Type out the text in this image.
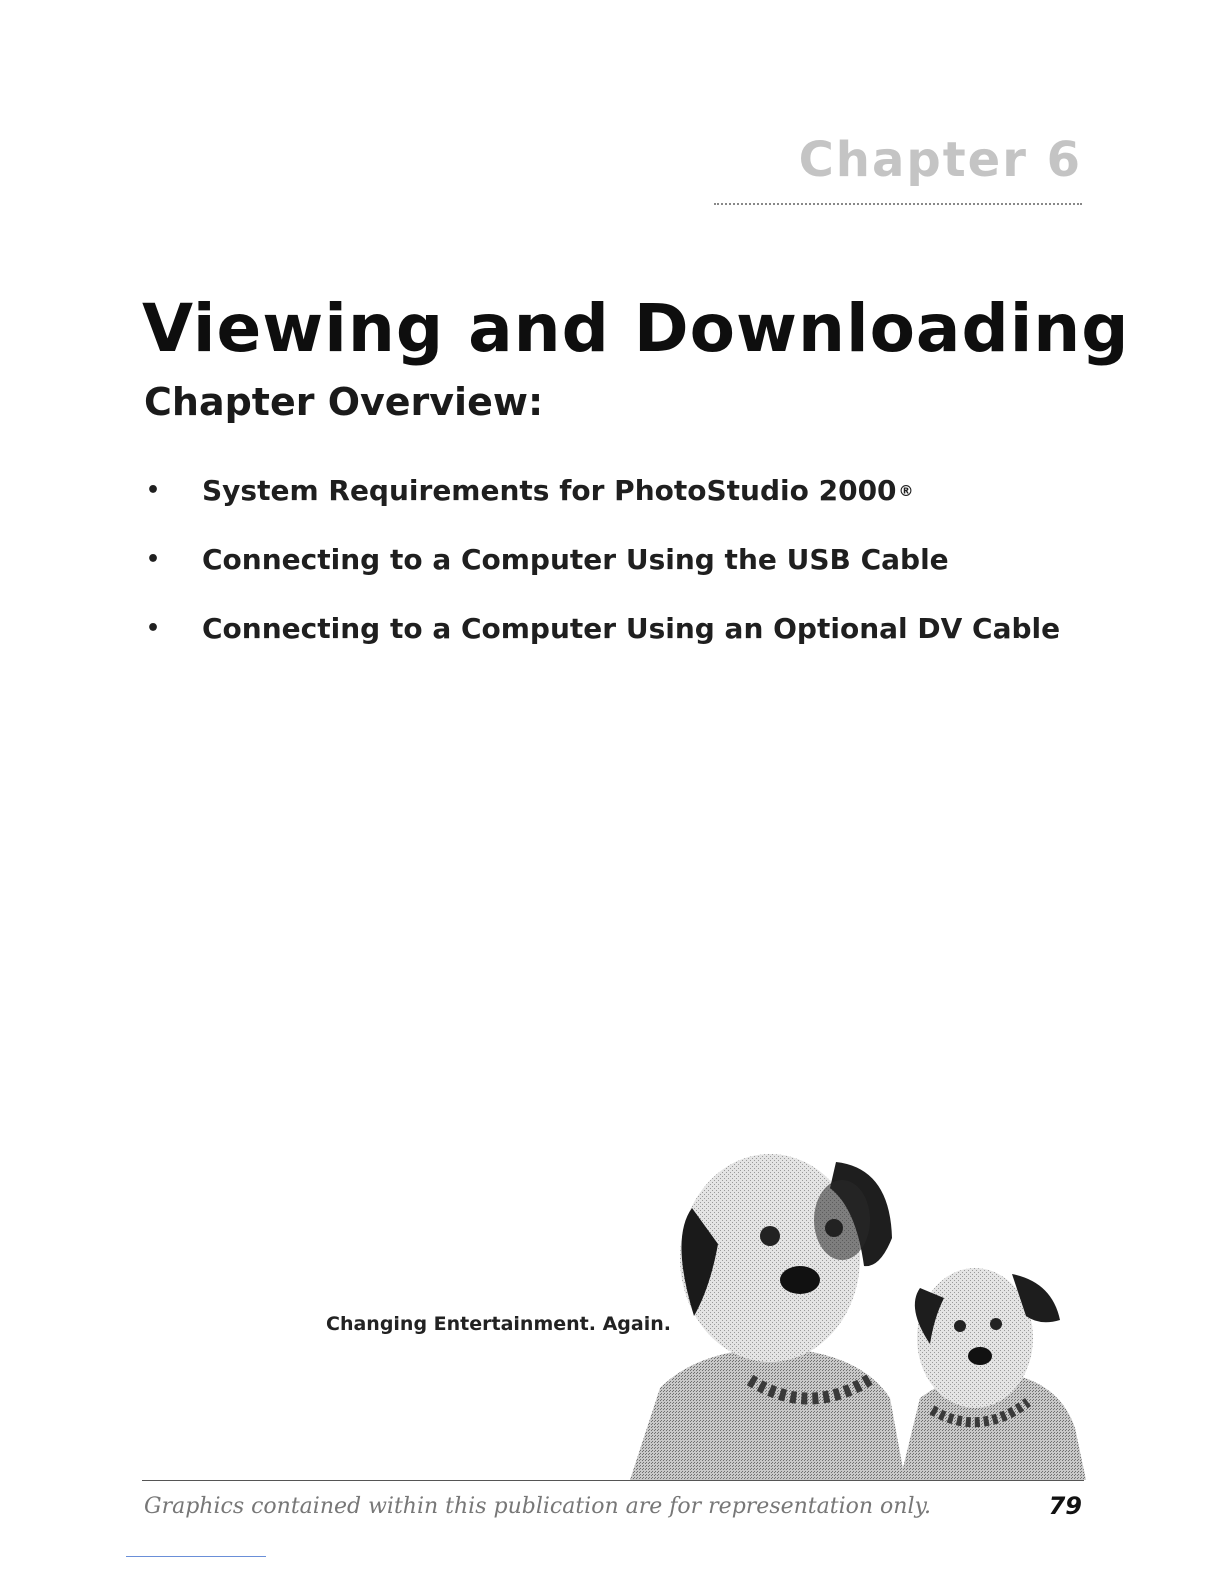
Chapter 6
Viewing and Downloading
Chapter Overview:
•	System Requirements for PhotoStudio 2000 ®
•	Connecting to a Computer Using the USB Cable
•	Connecting to a Computer Using an Optional DV Cable
Changing Entertainment. Again.
Graphics contained within this publication are for representation only.	79
